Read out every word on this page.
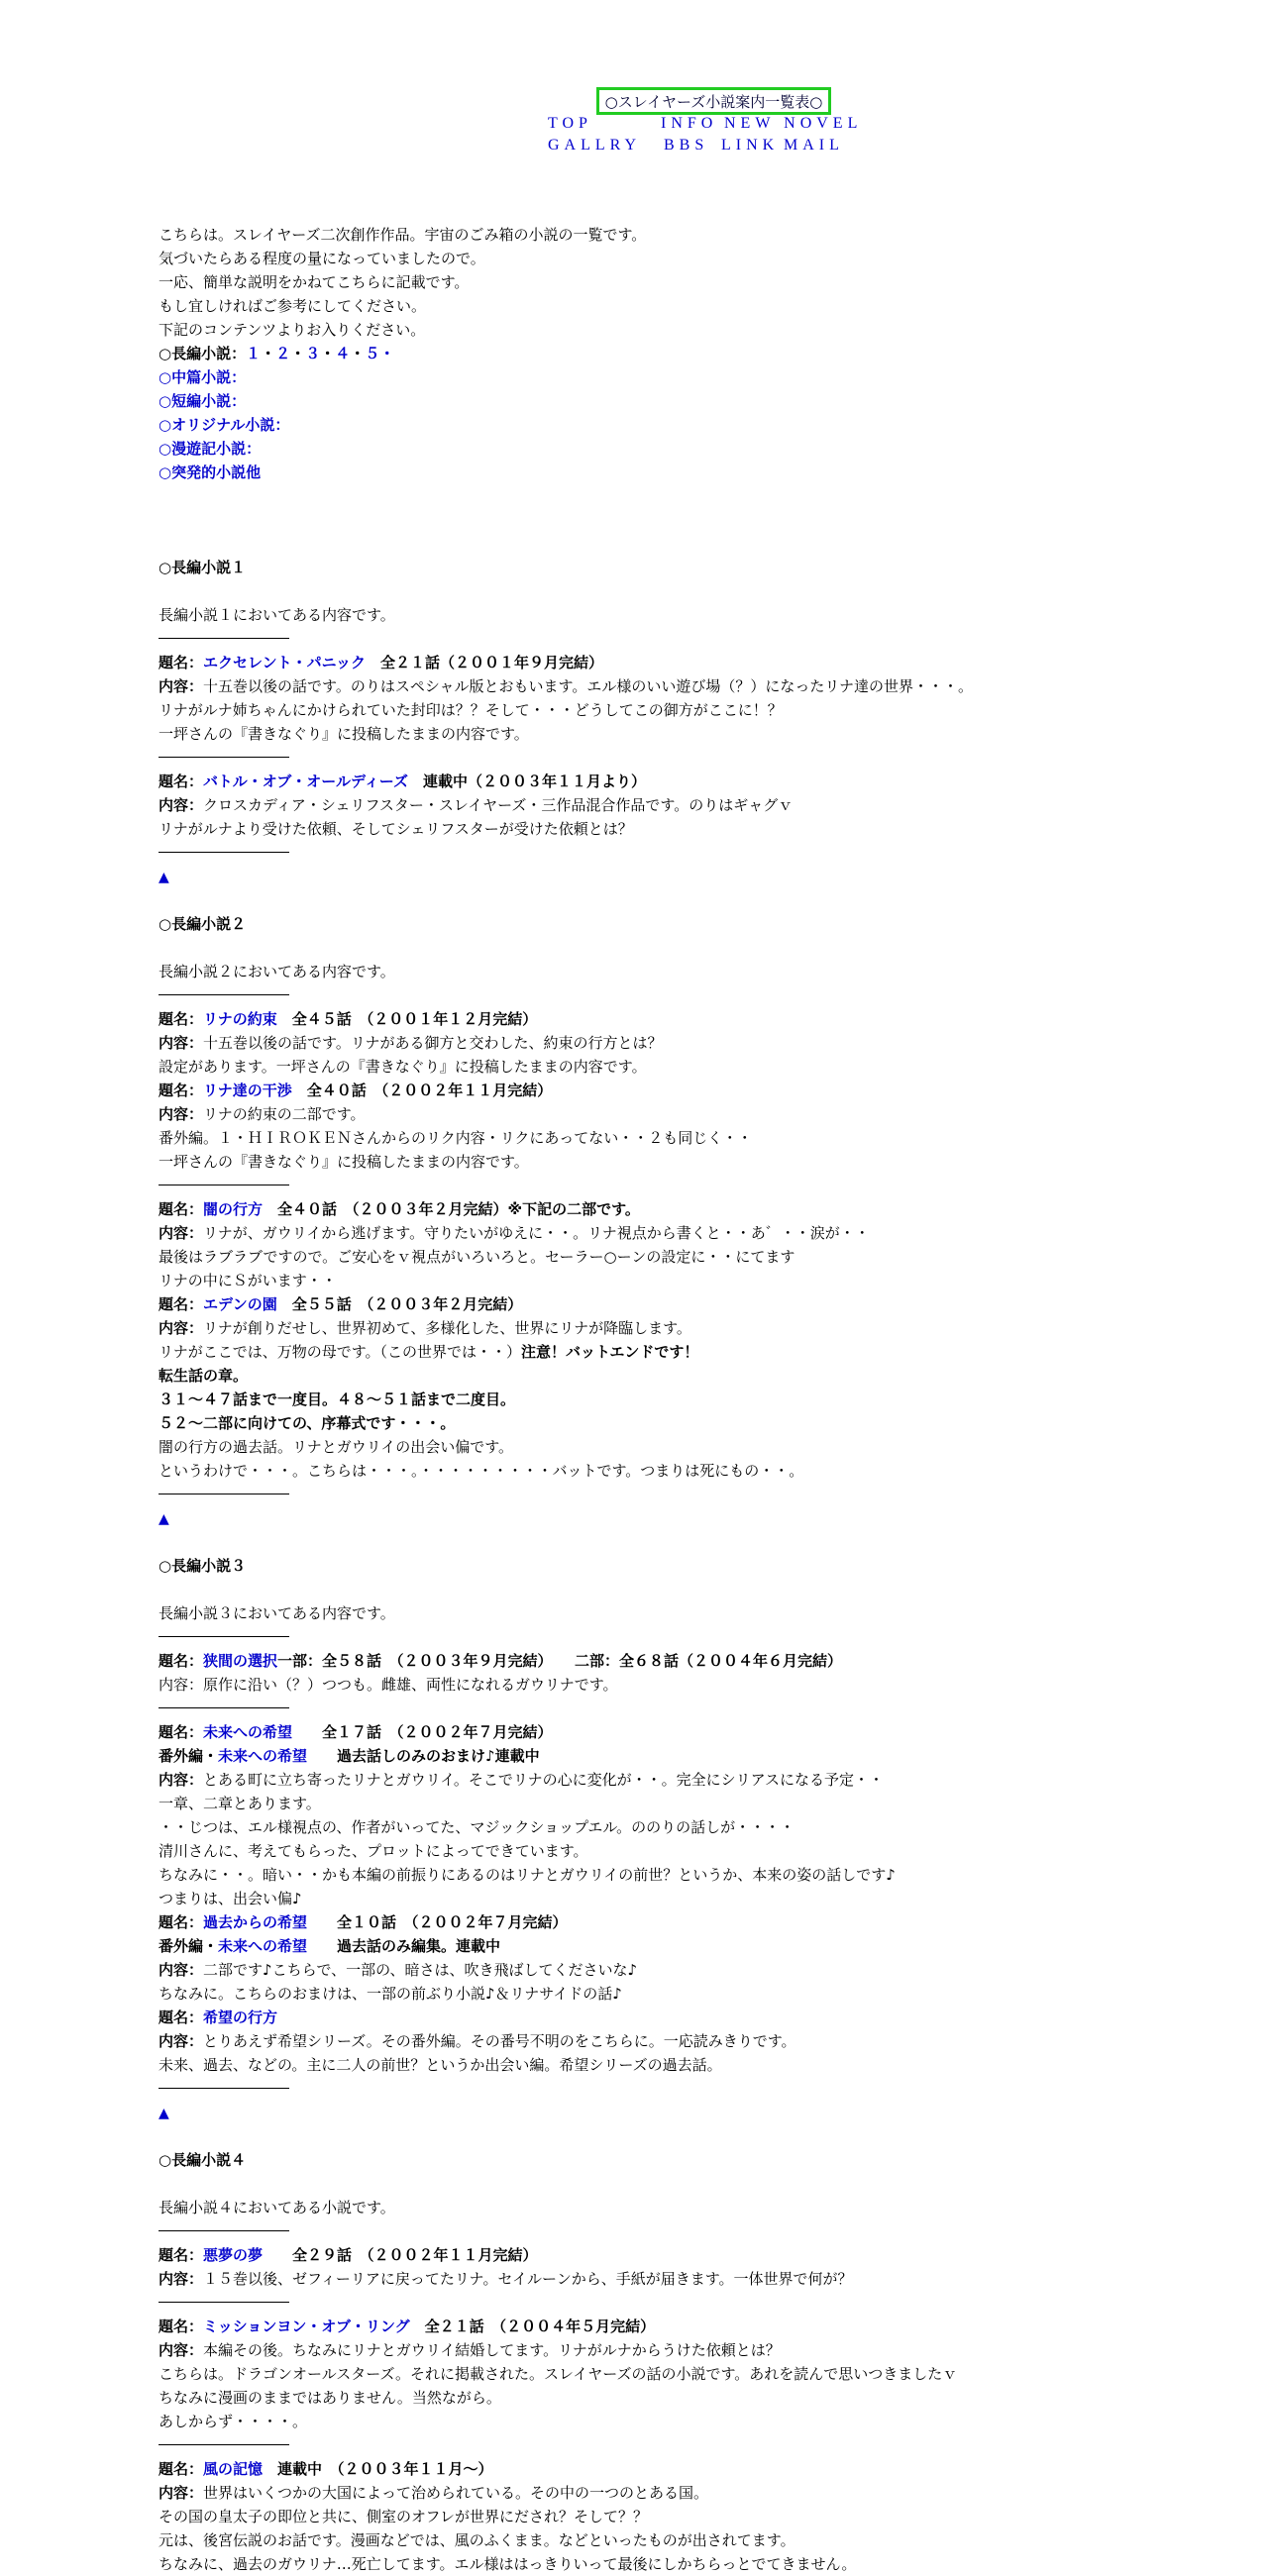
○スレイヤーズ小説案内一覧表○
TOP	INFO NEW NOVEL
GALLRY BBS LINK MAIL
こちらは。スレイヤーズ二次創作作品。宇宙のごみ箱の小説の一覧です。
気づいたらある程度の量になっていましたので。
一応、簡単な説明をかねてこちらに記載です。
もし宜しければご参考にしてください。
下記のコンテンツよりお入りください。
○長編小説：１・２・３・４・５・
○中篇小説：
○短編小説：
○オリジナル小説：
○漫遊記小説：
○突発的小説他
○長編小説１
長編小説１においてある内容です。
題名：エクセレント・パニック　全２１話（２００１年９月完結）
内容：十五巻以後の話です。のりはスペシャル版とおもいます。エル様のいい遊び場（？）になったリナ達の世界・・・。
リナがルナ姉ちゃんにかけられていた封印は？？そして・・・どうしてこの御方がここに！？
一坪さんの『書きなぐり』に投稿したままの内容です。
題名：バトル・オブ・オールディーズ　連載中（２００３年１１月より）
内容：クロスカディア・シェリフスター・スレイヤーズ・三作品混合作品です。のりはギャグｖ
リナがルナより受けた依頼、そしてシェリフスターが受けた依頼とは？
▲
○長編小説２
長編小説２においてある内容です。
題名：リナの約束　全４５話　（２００１年１２月完結）
内容：十五巻以後の話です。リナがある御方と交わした、約束の行方とは？
設定があります。一坪さんの『書きなぐり』に投稿したままの内容です。
題名：リナ達の干渉　全４０話　（２００２年１１月完結）
内容：リナの約束の二部です。
番外編。１・ＨＩＲＯＫＥＮさんからのリク内容・リクにあってない・・２も同じく・・
一坪さんの『書きなぐり』に投稿したままの内容です。
題名：闇の行方　全４０話　（２００３年２月完結）※下記の二部です。
内容：リナが、ガウリイから逃げます。守りたいがゆえに・・。リナ視点から書くと・・あ゛・・涙が・・
最後はラブラブですので。ご安心をｖ視点がいろいろと。セーラー○ーンの設定に・・にてます
リナの中にＳがいます・・
題名：エデンの園　全５５話　（２００３年２月完結）
内容：リナが創りだせし、世界初めて、多様化した、世界にリナが降臨します。
リナがここでは、万物の母です。（この世界では・・）注意！バットエンドです！
転生話の章。
３１～４７話まで一度目。４８～５１話まで二度目。
５２～二部に向けての、序幕式です・・・。
闇の行方の過去話。リナとガウリイの出会い偏です。
というわけで・・・。こちらは・・・。・・・・・・・・・バットです。つまりは死にもの・・。
▲
○長編小説３
長編小説３においてある内容です。
題名：狭間の選択一部：全５８話　（２００３年９月完結）　　二部：全６８話（２００４年６月完結）
内容：原作に沿い（？）つつも。雌雄、両性になれるガウリナです。
題名：未来への希望　　全１７話　（２００２年７月完結）
番外編・未来への希望　　過去話しのみのおまけ♪連載中
内容：とある町に立ち寄ったリナとガウリイ。そこでリナの心に変化が・・。完全にシリアスになる予定・・
一章、二章とあります。
・・じつは、エル様視点の、作者がいってた、マジックショップエル。ののりの話しが・・・・
清川さんに、考えてもらった、プロットによってできています。
ちなみに・・。暗い・・かも本編の前振りにあるのはリナとガウリイの前世？というか、本来の姿の話しです♪
つまりは、出会い偏♪
題名：過去からの希望　　全１０話　（２００２年７月完結）
番外編・未来への希望　　過去話のみ編集。連載中
内容：二部です♪こちらで、一部の、暗さは、吹き飛ばしてくださいな♪
ちなみに。こちらのおまけは、一部の前ぶり小説♪＆リナサイドの話♪
題名：希望の行方
内容：とりあえず希望シリーズ。その番外編。その番号不明のをこちらに。一応読みきりです。
未来、過去、などの。主に二人の前世？というか出会い編。希望シリーズの過去話。
▲
○長編小説４
長編小説４においてある小説です。
題名：悪夢の夢　　全２９話　（２００２年１１月完結）
内容：１５巻以後、ゼフィーリアに戻ってたリナ。セイルーンから、手紙が届きます。一体世界で何が？
題名：ミッションヨン・オブ・リング　全２１話　（２００４年５月完結）
内容：本編その後。ちなみにリナとガウリイ結婚してます。リナがルナからうけた依頼とは？
こちらは。ドラゴンオールスターズ。それに掲載された。スレイヤーズの話の小説です。あれを読んで思いつきましたｖ
ちなみに漫画のままではありません。当然ながら。
あしからず・・・・。
題名：風の記憶　連載中　（２００３年１１月～）
内容：世界はいくつかの大国によって治められている。その中の一つのとある国。
その国の皇太子の即位と共に、側室のオフレが世界にだされ？そして？？
元は、後宮伝説のお話です。漫画などでは、風のふくまま。などといったものが出されてます。
ちなみに、過去のガウリナ…死亡してます。エル様ははっきりいって最後にしかちらっとでてきません。
